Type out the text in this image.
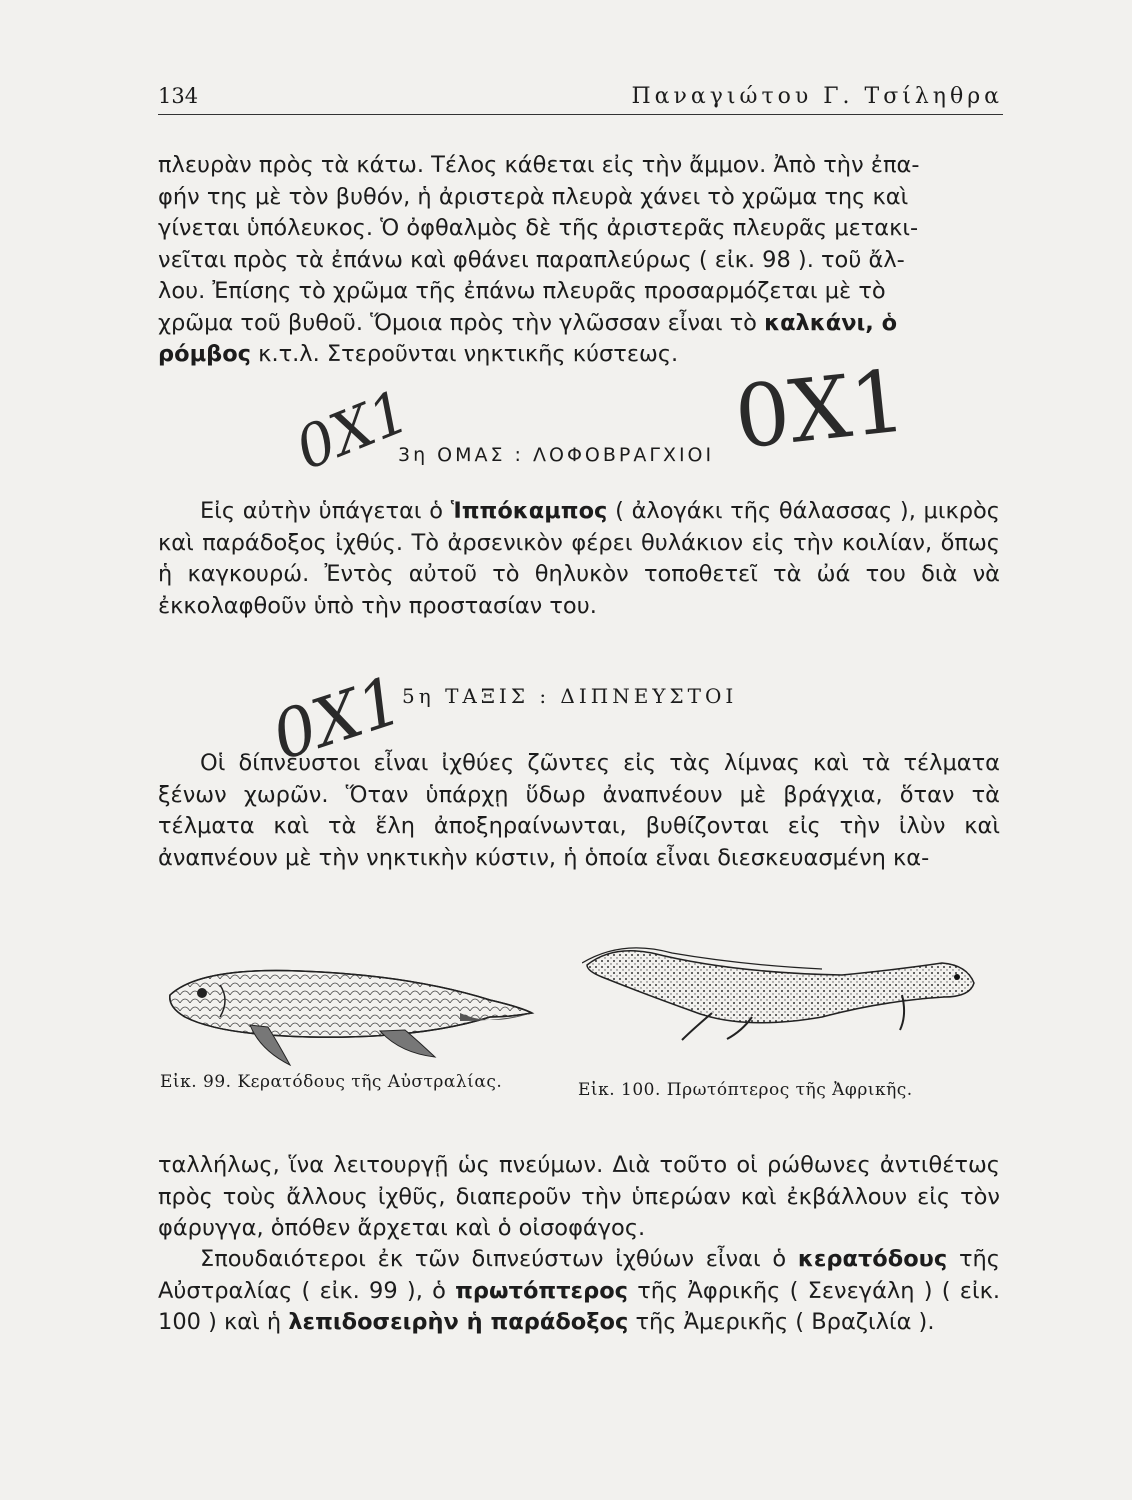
134	Παναγιώτου Γ. Τσίληθρα
πλευρὰν πρὸς τὰ κάτω. Τέλος κάθεται εἰς τὴν ἄμμον. Ἀπὸ τὴν ἐπα-
φήν της μὲ τὸν βυθόν, ἡ ἀριστερὰ πλευρὰ χάνει τὸ χρῶμα της καὶ
γίνεται ὑπόλευκος. Ὁ ὀφθαλμὸς δὲ τῆς ἀριστερᾶς πλευρᾶς μετακι-
νεῖται πρὸς τὰ ἐπάνω καὶ φθάνει παραπλεύρως ( εἰκ. 98 ). τοῦ ἄλ-
λου. Ἐπίσης τὸ χρῶμα τῆς ἐπάνω πλευρᾶς προσαρμόζεται μὲ τὸ
χρῶμα τοῦ βυθοῦ. Ὅμοια πρὸς τὴν γλῶσσαν εἶναι τὸ καλκάνι, ὁ
ρόμβος κ.τ.λ. Στεροῦνται νηκτικῆς κύστεως.
0Χ1	0Χ1
3η ΟΜΑΣ : ΛΟΦΟΒΡΑΓΧΙΟΙ

Εἰς αὐτὴν ὑπάγεται ὁ Ἱππόκαμπος ( ἀλογάκι τῆς θάλασσας ), μικρὸς καὶ παράδοξος ἰχθύς. Τὸ ἀρσενικὸν φέρει θυλάκιον εἰς τὴν κοιλίαν, ὅπως ἡ καγκουρώ. Ἐντὸς αὐτοῦ τὸ θηλυκὸν τοποθετεῖ τὰ ὠά του διὰ νὰ ἐκκολαφθοῦν ὑπὸ τὴν προστασίαν του.

0Χ1
5η ΤΑΞΙΣ : ΔΙΠΝΕΥΣΤΟΙ

Οἱ δίπνευστοι εἶναι ἰχθύες ζῶντες εἰς τὰς λίμνας καὶ τὰ τέλματα ξένων χωρῶν. Ὅταν ὑπάρχῃ ὕδωρ ἀναπνέουν μὲ βράγχια, ὅταν τὰ τέλματα καὶ τὰ ἕλη ἀποξηραίνωνται, βυθίζονται εἰς τὴν ἰλὺν καὶ ἀναπνέουν μὲ τὴν νηκτικὴν κύστιν, ἡ ὁποία εἶναι διεσκευασμένη κα-

Εἰκ. 99. Κερατόδους τῆς Αὐστραλίας.	Εἰκ. 100. Πρωτόπτερος τῆς Ἀφρικῆς.

ταλλήλως, ἵνα λειτουργῇ ὡς πνεύμων. Διὰ τοῦτο οἱ ρώθωνες ἀντιθέτως πρὸς τοὺς ἄλλους ἰχθῦς, διαπεροῦν τὴν ὑπερώαν καὶ ἐκβάλλουν εἰς τὸν φάρυγγα, ὁπόθεν ἄρχεται καὶ ὁ οἰσοφάγος.

Σπουδαιότεροι ἐκ τῶν διπνεύστων ἰχθύων εἶναι ὁ κερατόδους τῆς Αὐστραλίας ( εἰκ. 99 ), ὁ πρωτόπτερος τῆς Ἀφρικῆς ( Σενεγάλη ) ( εἰκ. 100 ) καὶ ἡ λεπιδοσειρὴν ἡ παράδοξος τῆς Ἀμερικῆς ( Βραζιλία ).
